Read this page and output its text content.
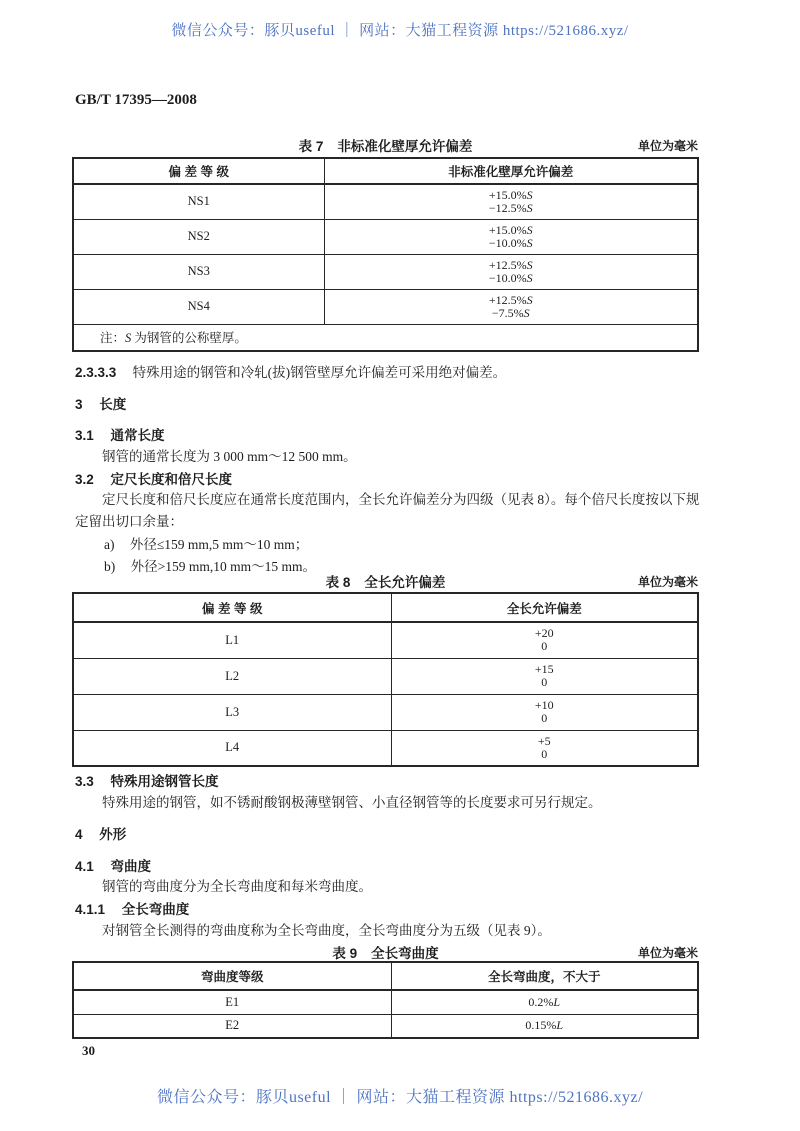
微信公众号：豚贝useful ｜ 网站：大猫工程资源 https://521686.xyz/
GB/T 17395—2008
表 7 非标准化壁厚允许偏差	单位为毫米
偏 差 等 级	非标准化壁厚允许偏差
NS1	+15.0%S
−12.5%S

NS2	+15.0%S
−10.0%S

NS3	+12.5%S
−10.0%S

NS4	+12.5%S
−7.5%S

注：S 为钢管的公称壁厚。	
2.3.3.3 特殊用途的钢管和冷轧(拔)钢管壁厚允许偏差可采用绝对偏差。
3 长度
3.1 通常长度
钢管的通常长度为 3 000 mm～12 500 mm。
3.2 定尺长度和倍尺长度
定尺长度和倍尺长度应在通常长度范围内，全长允许偏差分为四级（见表 8）。每个倍尺长度按以下规定留出切口余量：
a) 外径≤159 mm,5 mm～10 mm；
b) 外径>159 mm,10 mm～15 mm。
表 8 全长允许偏差	单位为毫米
偏 差 等 级	全长允许偏差
L1	+20
0

L2	+15
0

L3	+10
0

L4	+5
0
3.3 特殊用途钢管长度
特殊用途的钢管，如不锈耐酸钢极薄壁钢管、小直径钢管等的长度要求可另行规定。
4 外形
4.1 弯曲度
钢管的弯曲度分为全长弯曲度和每米弯曲度。
4.1.1 全长弯曲度
对钢管全长测得的弯曲度称为全长弯曲度，全长弯曲度分为五级（见表 9）。
表 9 全长弯曲度	单位为毫米
弯曲度等级	全长弯曲度，不大于
E1	0.2%L
E2	0.15%L
30
微信公众号：豚贝useful ｜ 网站：大猫工程资源 https://521686.xyz/
